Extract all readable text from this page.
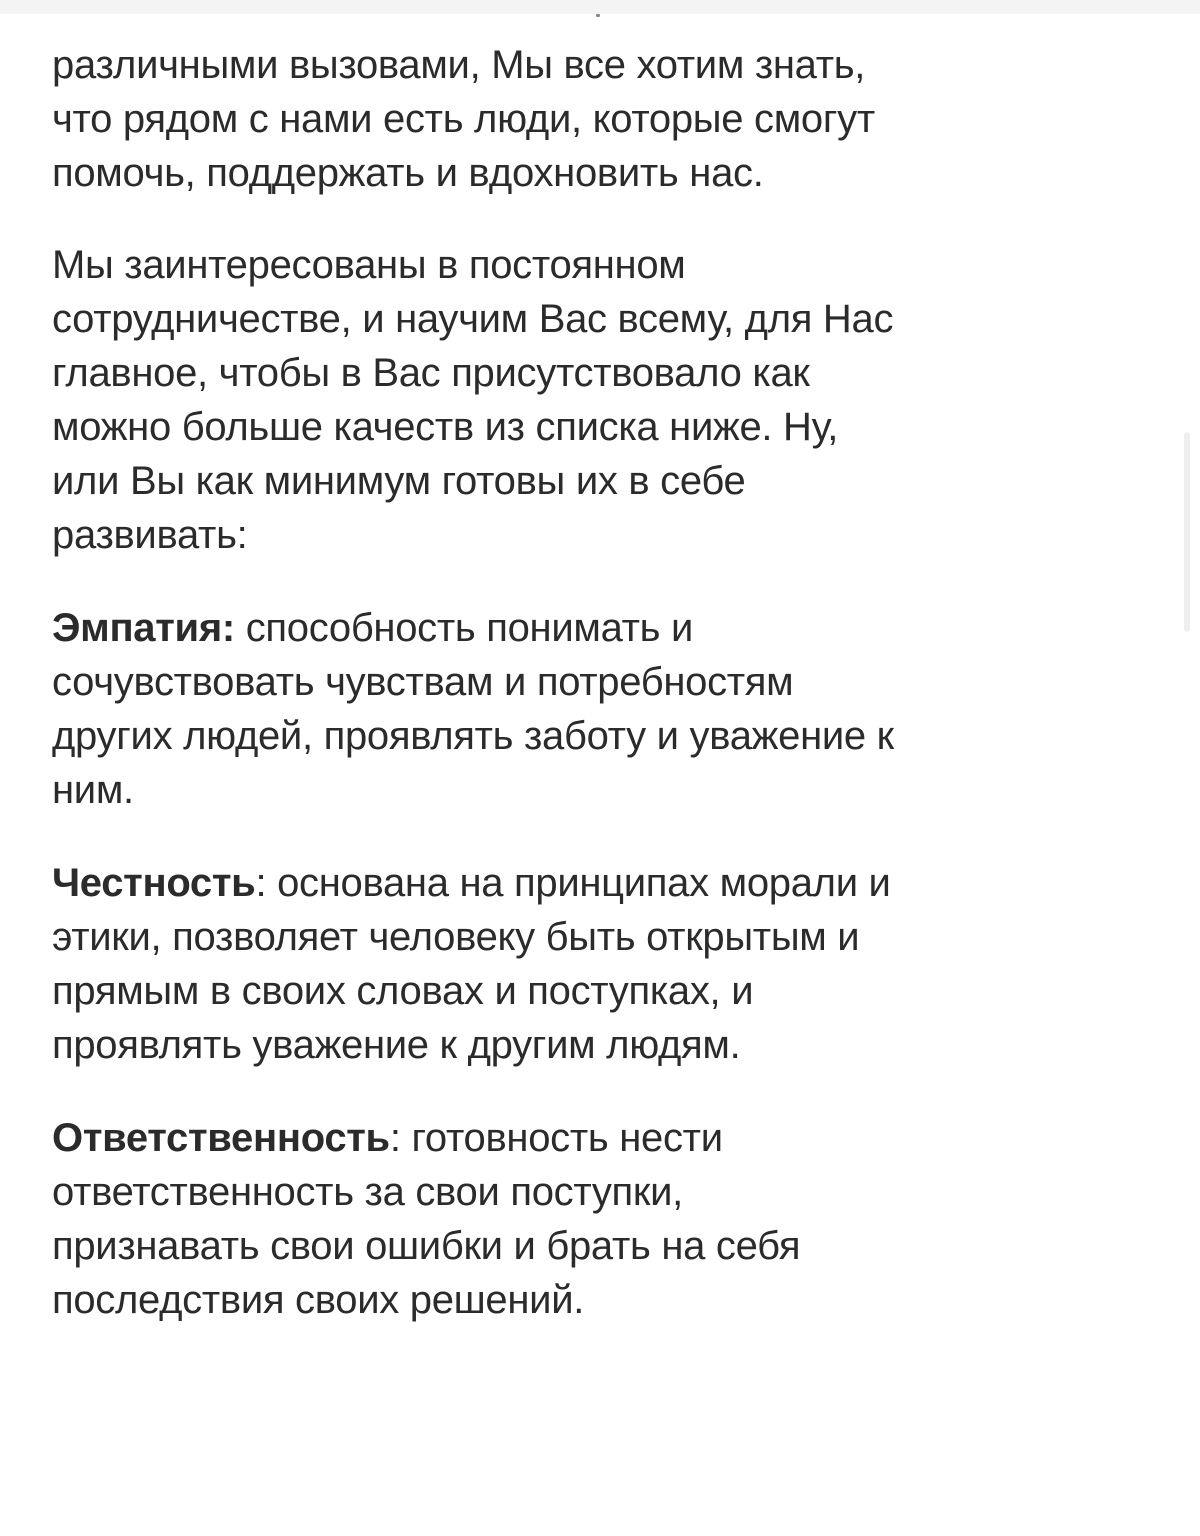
различными вызовами, Мы все хотим знать,
что рядом с нами есть люди, которые смогут
помочь, поддержать и вдохновить нас.

Мы заинтересованы в постоянном
сотрудничестве, и научим Вас всему, для Нас
главное, чтобы в Вас присутствовало как
можно больше качеств из списка ниже. Ну,
или Вы как минимум готовы их в себе
развивать:

Эмпатия: способность понимать и
сочувствовать чувствам и потребностям
других людей, проявлять заботу и уважение к
ним.

Честность: основана на принципах морали и
этики, позволяет человеку быть открытым и
прямым в своих словах и поступках, и
проявлять уважение к другим людям.

Ответственность: готовность нести
ответственность за свои поступки,
признавать свои ошибки и брать на себя
последствия своих решений.
